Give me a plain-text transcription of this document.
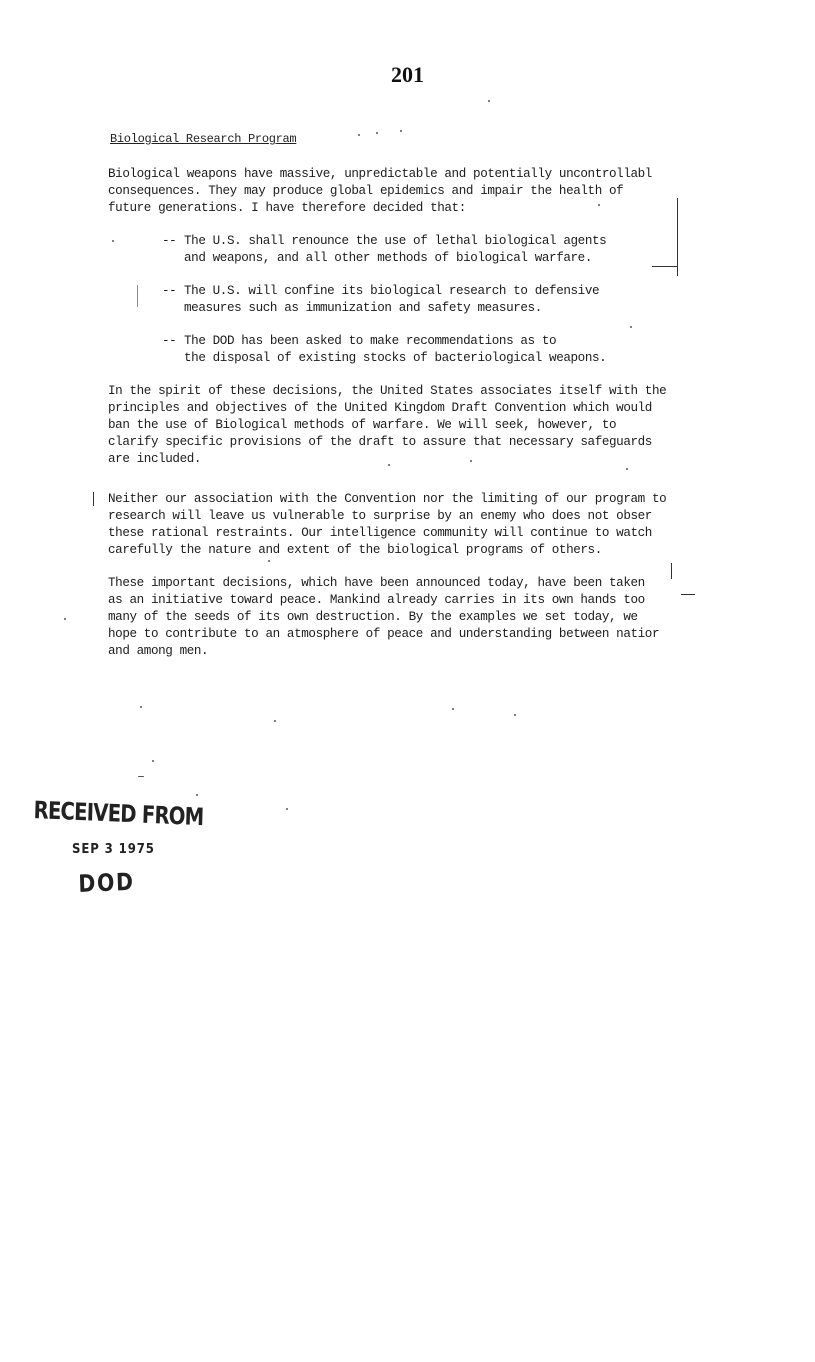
201
Biological Research Program
Biological weapons have massive, unpredictable and potentially uncontrollabl
consequences. They may produce global epidemics and impair the health of
future generations. I have therefore decided that:
-- The U.S. shall renounce the use of lethal biological agents
and weapons, and all other methods of biological warfare.
-- The U.S. will confine its biological research to defensive
measures such as immunization and safety measures.
-- The DOD has been asked to make recommendations as to
the disposal of existing stocks of bacteriological weapons.
In the spirit of these decisions, the United States associates itself with the
principles and objectives of the United Kingdom Draft Convention which would
ban the use of Biological methods of warfare. We will seek, however, to
clarify specific provisions of the draft to assure that necessary safeguards
are included.
Neither our association with the Convention nor the limiting of our program to
research will leave us vulnerable to surprise by an enemy who does not obser
these rational restraints. Our intelligence community will continue to watch
carefully the nature and extent of the biological programs of others.
These important decisions, which have been announced today, have been taken
as an initiative toward peace. Mankind already carries in its own hands too
many of the seeds of its own destruction. By the examples we set today, we
hope to contribute to an atmosphere of peace and understanding between natior
and among men.
RECEIVED FROM
SEP 3 1975
DOD
